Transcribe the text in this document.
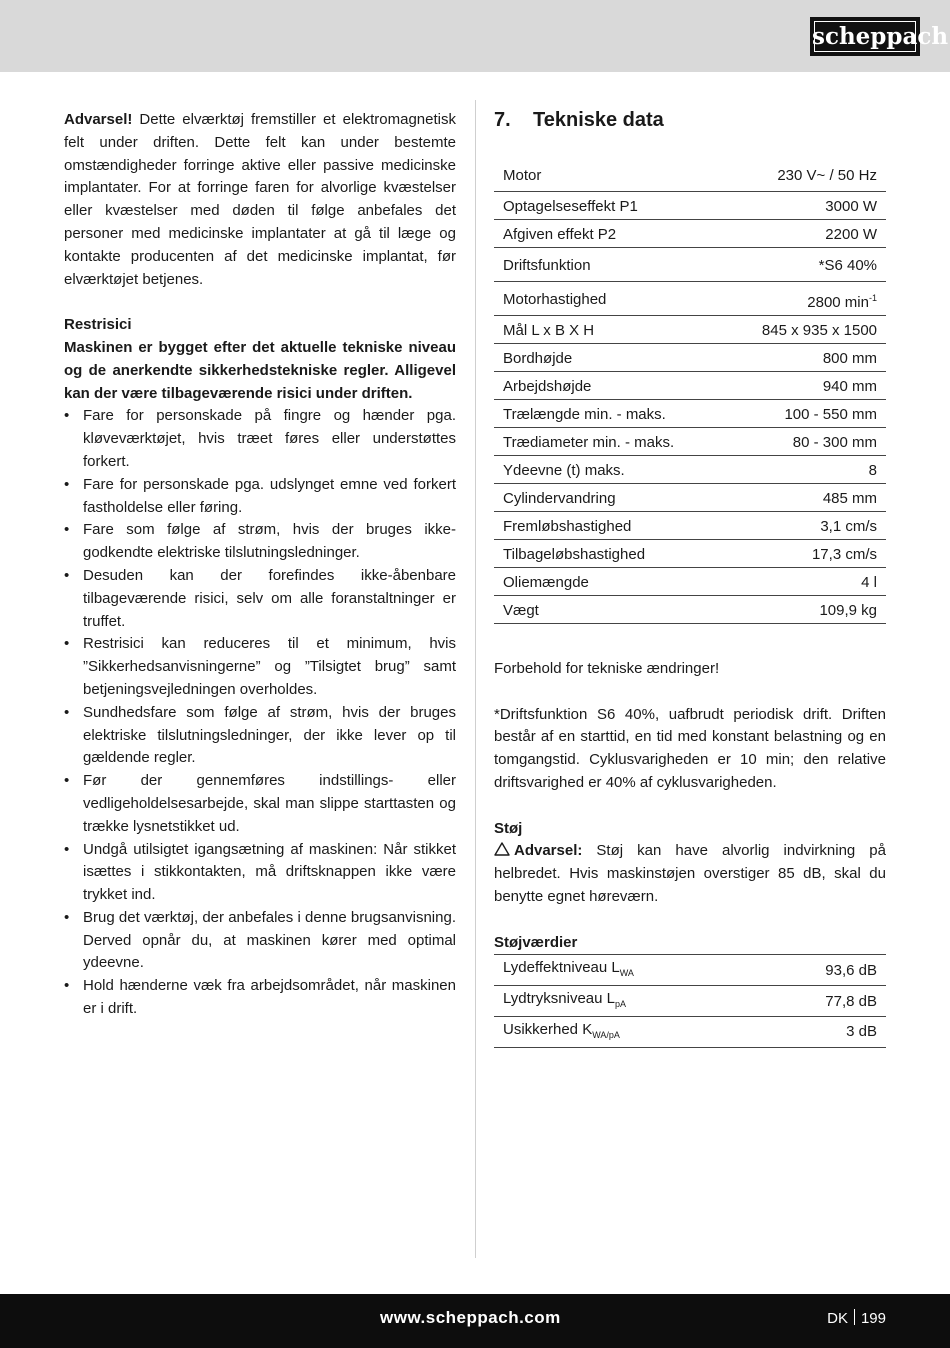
scheppach

Advarsel! Dette elværktøj fremstiller et elektromagnetisk felt under driften. Dette felt kan under bestemte omstændigheder forringe aktive eller passive medicinske implantater. For at forringe faren for alvorlige kvæstelser eller kvæstelser med døden til følge anbefales det personer med medicinske implantater at gå til læge og kontakte producenten af det medicinske implantat, før elværktøjet betjenes.

Restrisici

Maskinen er bygget efter det aktuelle tekniske niveau og de anerkendte sikkerhedstekniske regler. Alligevel kan der være tilbageværende risici under driften.

• Fare for personskade på fingre og hænder pga. kløveværktøjet, hvis træet føres eller understøttes forkert.
• Fare for personskade pga. udslynget emne ved forkert fastholdelse eller føring.
• Fare som følge af strøm, hvis der bruges ikke-godkendte elektriske tilslutningsledninger.
• Desuden kan der forefindes ikke-åbenbare tilbageværende risici, selv om alle foranstaltninger er truffet.
• Restrisici kan reduceres til et minimum, hvis ”Sikkerhedsanvisningerne” og ”Tilsigtet brug” samt betjeningsvejledningen overholdes.
• Sundhedsfare som følge af strøm, hvis der bruges elektriske tilslutningsledninger, der ikke lever op til gældende regler.
• Før der gennemføres indstillings- eller vedligeholdelsesarbejde, skal man slippe starttasten og trække lysnetstikket ud.
• Undgå utilsigtet igangsætning af maskinen: Når stikket isættes i stikkontakten, må driftsknappen ikke være trykket ind.
• Brug det værktøj, der anbefales i denne brugsanvisning. Derved opnår du, at maskinen kører med optimal ydeevne.
• Hold hænderne væk fra arbejdsområdet, når maskinen er i drift.
7. Tekniske data
Motor	230 V~ / 50 Hz
Optagelseseffekt P1	3000 W
Afgiven effekt P2	2200 W
Driftsfunktion	*S6 40%
Motorhastighed	2800 $\min^{-1}$
Mål L x B X H	845 x 935 x 1500
Bordhøjde	800 mm
Arbejdshøjde	940 mm
Trælængde min. - maks.	100 - 550 mm
Trædiameter min. - maks.	80 - 300 mm
Ydeevne (t) maks.	8
Cylindervandring	485 mm
Fremløbshastighed	3,1 cm/s
Tilbageløbshastighed	17,3 cm/s
Oliemængde	4 l
Vægt	109,9 kg

Forbehold for tekniske ændringer!

*Driftsfunktion S6 40%, uafbrudt periodisk drift. Driften består af en starttid, en tid med konstant belastning og en tomgangstid. Cyklusvarigheden er 10 min; den relative driftsvarighed er 40% af cyklusvarigheden.

Støj

Advarsel: Støj kan have alvorlig indvirkning på helbredet. Hvis maskinstøjen overstiger 85 dB, skal du benytte egnet høreværn.

Støjværdier

Lydeffektniveau $L_{WA}$	93,6 dB
Lydtryksniveau $L_{pA}$	77,8 dB
Usikkerhed $K_{WA/pA}$	3 dB
www.scheppach.com	DK 199
